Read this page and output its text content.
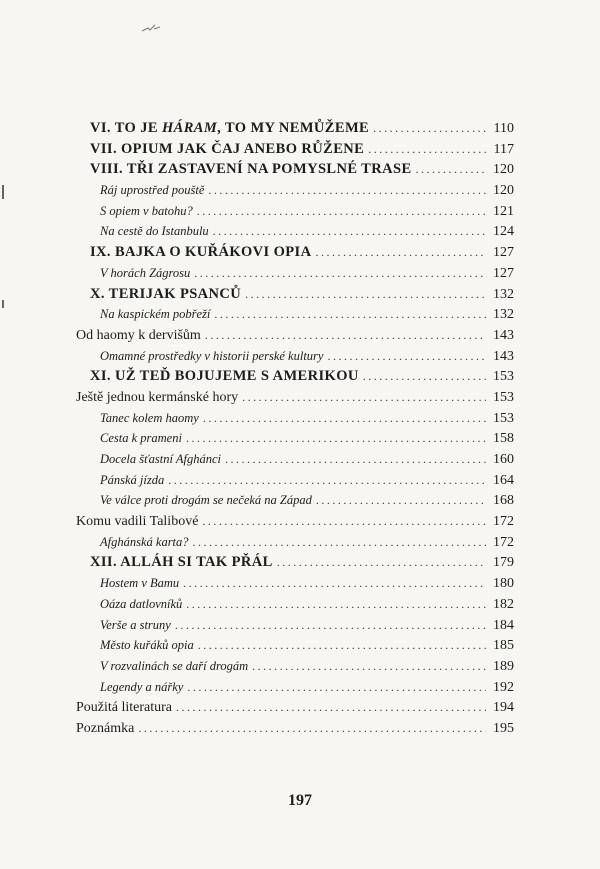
VI. TO JE HÁRAM, TO MY NEMŮŽEME .....	110
VII. OPIUM JAK ČAJ ANEBO RŮŽENE .....	117
VIII. TŘI ZASTAVENÍ NA POMYSLNÉ TRASE .....	120
Ráj uprostřed pouště .....	120
S opiem v batohu? .....	121
Na cestě do Istanbulu .....	124
IX. BAJKA O KUŘÁKOVI OPIA .....	127
V horách Zágrosu .....	127
X. TERIJAK PSANCŮ .....	132
Na kaspickém pobřeží .....	132
Od haomy k dervišům .....	143
Omamné prostředky v historii perské kultury .....	143
XI. UŽ TEĎ BOJUJEME S AMERIKOU .....	153
Ještě jednou kermánské hory .....	153
Tanec kolem haomy .....	153
Cesta k prameni .....	158
Docela šťastní Afghánci .....	160
Pánská jízda .....	164
Ve válce proti drogám se nečeká na Západ .....	168
Komu vadili Talibové .....	172
Afghánská karta? .....	172
XII. ALLÁH SI TAK PŘÁL .....	179
Hostem v Bamu .....	180
Oáza datlovníků .....	182
Verše a struny .....	184
Město kuřáků opia .....	185
V rozvalinách se daří drogám .....	189
Legendy a nářky .....	192
Použitá literatura .....	194
Poznámka .....	195
197
